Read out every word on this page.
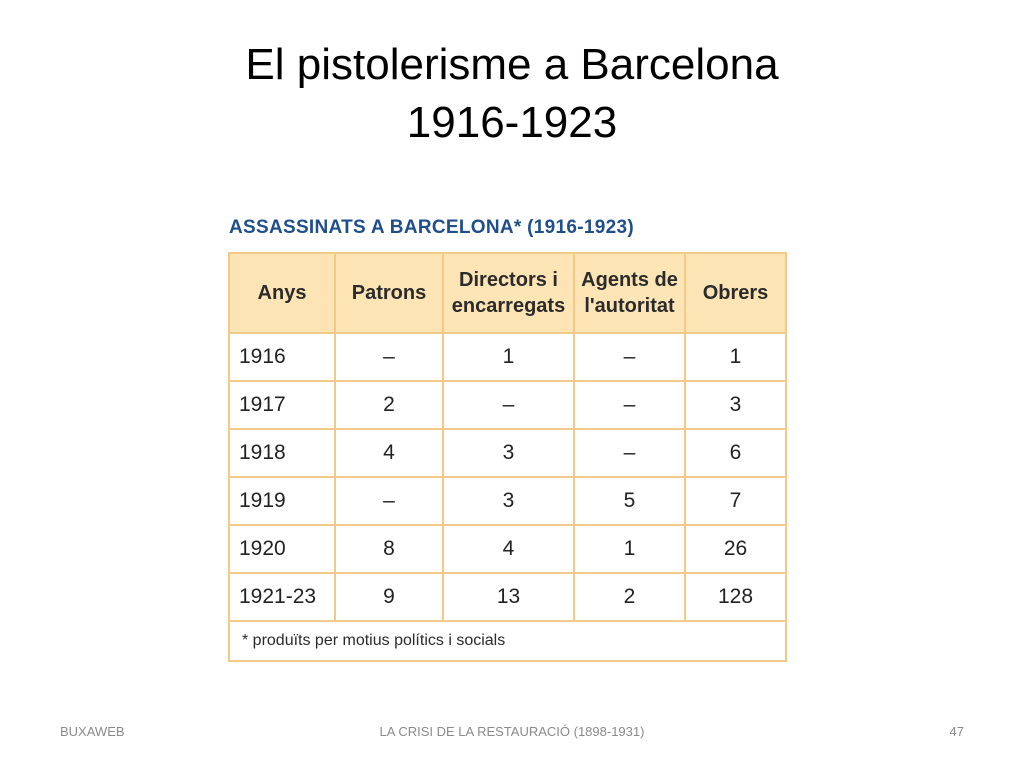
El pistolerisme a Barcelona
1916-1923
ASSASSINATS A BARCELONA* (1916-1923)
Anys	Patrons	Directors i encarregats	Agents de l'autoritat	Obrers
1916	–	1	–	1
1917	2	–	–	3
1918	4	3	–	6
1919	–	3	5	7
1920	8	4	1	26
1921-23	9	13	2	128
* produïts per motius polítics i socials				
BUXAWEB	LA CRISI DE LA RESTAURACIÓ (1898-1931)	47
